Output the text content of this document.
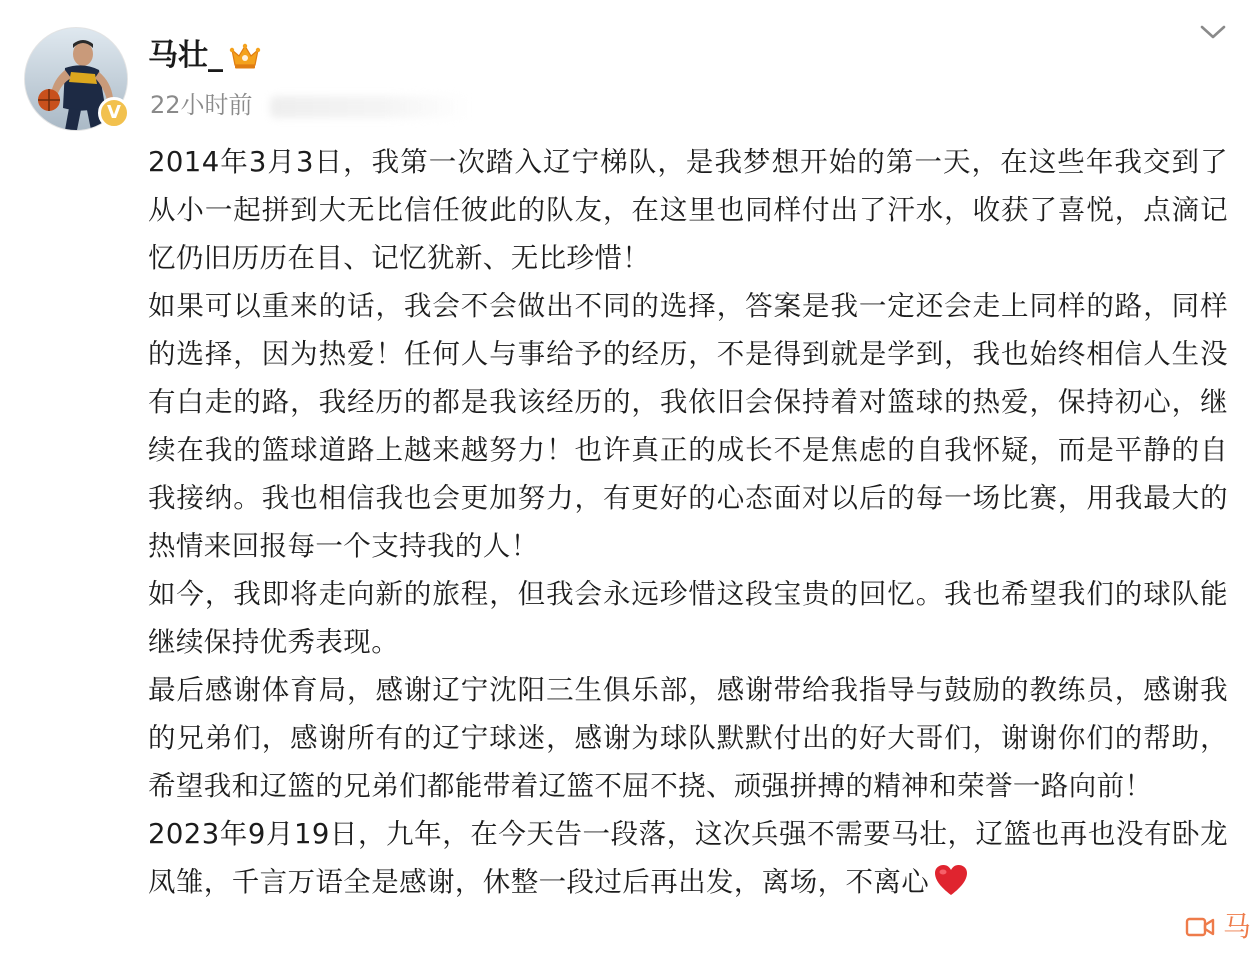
V
马壮_
22小时前

2014年3月3日，我第一次踏入辽宁梯队，是我梦想开始的第一天，在这些年我交到了从小一起拼到大无比信任彼此的队友，在这里也同样付出了汗水，收获了喜悦，点滴记忆仍旧历历在目、记忆犹新、无比珍惜！

如果可以重来的话，我会不会做出不同的选择，答案是我一定还会走上同样的路，同样的选择，因为热爱！任何人与事给予的经历，不是得到就是学到，我也始终相信人生没有白走的路，我经历的都是我该经历的，我依旧会保持着对篮球的热爱，保持初心，继续在我的篮球道路上越来越努力！也许真正的成长不是焦虑的自我怀疑，而是平静的自我接纳。我也相信我也会更加努力，有更好的心态面对以后的每一场比赛，用我最大的热情来回报每一个支持我的人！

如今，我即将走向新的旅程，但我会永远珍惜这段宝贵的回忆。我也希望我们的球队能继续保持优秀表现。

最后感谢体育局，感谢辽宁沈阳三生俱乐部，感谢带给我指导与鼓励的教练员，感谢我的兄弟们，感谢所有的辽宁球迷，感谢为球队默默付出的好大哥们，谢谢你们的帮助，希望我和辽篮的兄弟们都能带着辽篮不屈不挠、顽强拼搏的精神和荣誉一路向前！

2023年9月19日，九年，在今天告一段落，这次兵强不需要马壮，辽篮也再也没有卧龙凤雏，千言万语全是感谢，休整一段过后再出发，离场，不离心

马
